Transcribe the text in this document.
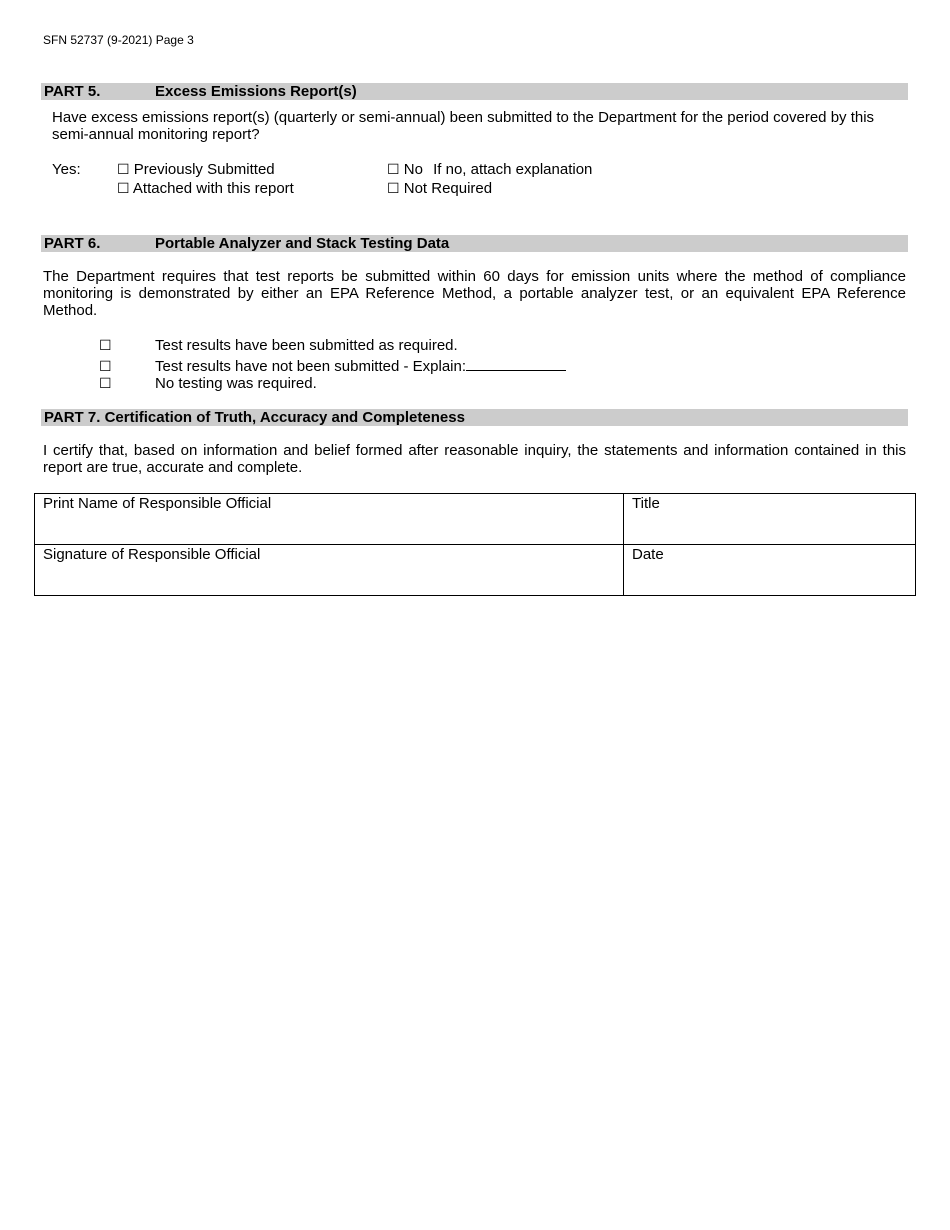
SFN 52737 (9-2021) Page 3
PART 5.	Excess Emissions Report(s)
Have excess emissions report(s) (quarterly or semi-annual) been submitted to the Department for the period covered by this semi-annual monitoring report?
Yes:	☐ Previously Submitted
☐ Attached with this report
☐ No If no, attach explanation
☐ Not Required
PART 6.	Portable Analyzer and Stack Testing Data
The Department requires that test reports be submitted within 60 days for emission units where the method of compliance monitoring is demonstrated by either an EPA Reference Method, a portable analyzer test, or an equivalent EPA Reference Method.
☐	Test results have been submitted as required.
☐	Test results have not been submitted - Explain:
☐	No testing was required.
PART 7. Certification of Truth, Accuracy and Completeness
I certify that, based on information and belief formed after reasonable inquiry, the statements and information contained in this report are true, accurate and complete.
Print Name of Responsible Official	Title

Signature of Responsible Official	Date
